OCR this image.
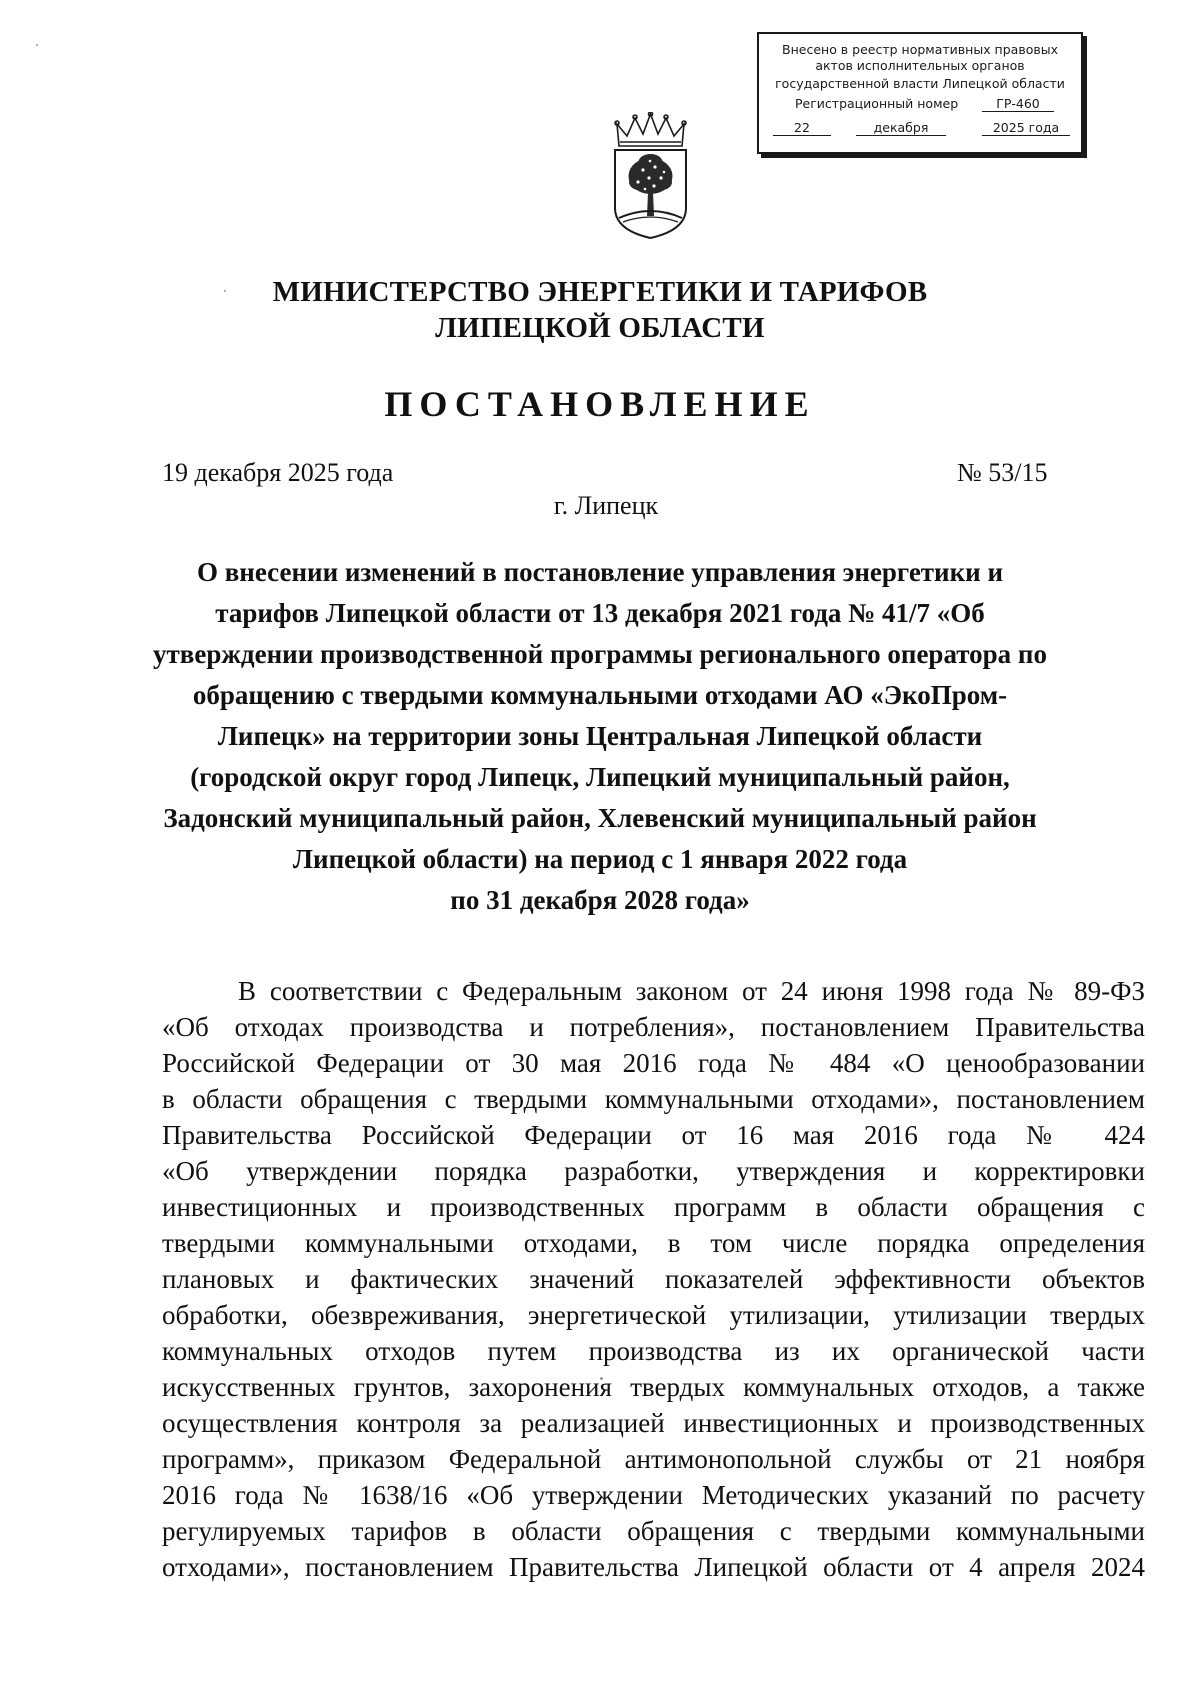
Внесено в реестр нормативных правовых
актов исполнительных органов
государственной власти Липецкой области
Регистрационный номер	ГР-460
22	декабря	2025 года
МИНИСТЕРСТВО ЭНЕРГЕТИКИ И ТАРИФОВ
ЛИПЕЦКОЙ ОБЛАСТИ
ПОСТАНОВЛЕНИЕ
19 декабря 2025 года	№ 53/15
г. Липецк
О внесении изменений в постановление управления энергетики и
тарифов Липецкой области от 13 декабря 2021 года № 41/7 «Об
утверждении производственной программы регионального оператора по
обращению с твердыми коммунальными отходами АО «ЭкоПром-
Липецк» на территории зоны Центральная Липецкой области
(городской округ город Липецк, Липецкий муниципальный район,
Задонский муниципальный район, Хлевенский муниципальный район
Липецкой области) на период с 1 января 2022 года
по 31 декабря 2028 года»
В соответствии с Федеральным законом от 24 июня 1998 года № 89-ФЗ
«Об отходах производства и потребления», постановлением Правительства
Российской Федерации от 30 мая 2016 года № 484 «О ценообразовании
в области обращения с твердыми коммунальными отходами», постановлением
Правительства Российской Федерации от 16 мая 2016 года № 424
«Об утверждении порядка разработки, утверждения и корректировки
инвестиционных и производственных программ в области обращения с
твердыми коммунальными отходами, в том числе порядка определения
плановых и фактических значений показателей эффективности объектов
обработки, обезвреживания, энергетической утилизации, утилизации твердых
коммунальных отходов путем производства из их органической части
искусственных грунтов, захоронения твердых коммунальных отходов, а также
осуществления контроля за реализацией инвестиционных и производственных
программ», приказом Федеральной антимонопольной службы от 21 ноября
2016 года № 1638/16 «Об утверждении Методических указаний по расчету
регулируемых тарифов в области обращения с твердыми коммунальными
отходами», постановлением Правительства Липецкой области от 4 апреля 2024
